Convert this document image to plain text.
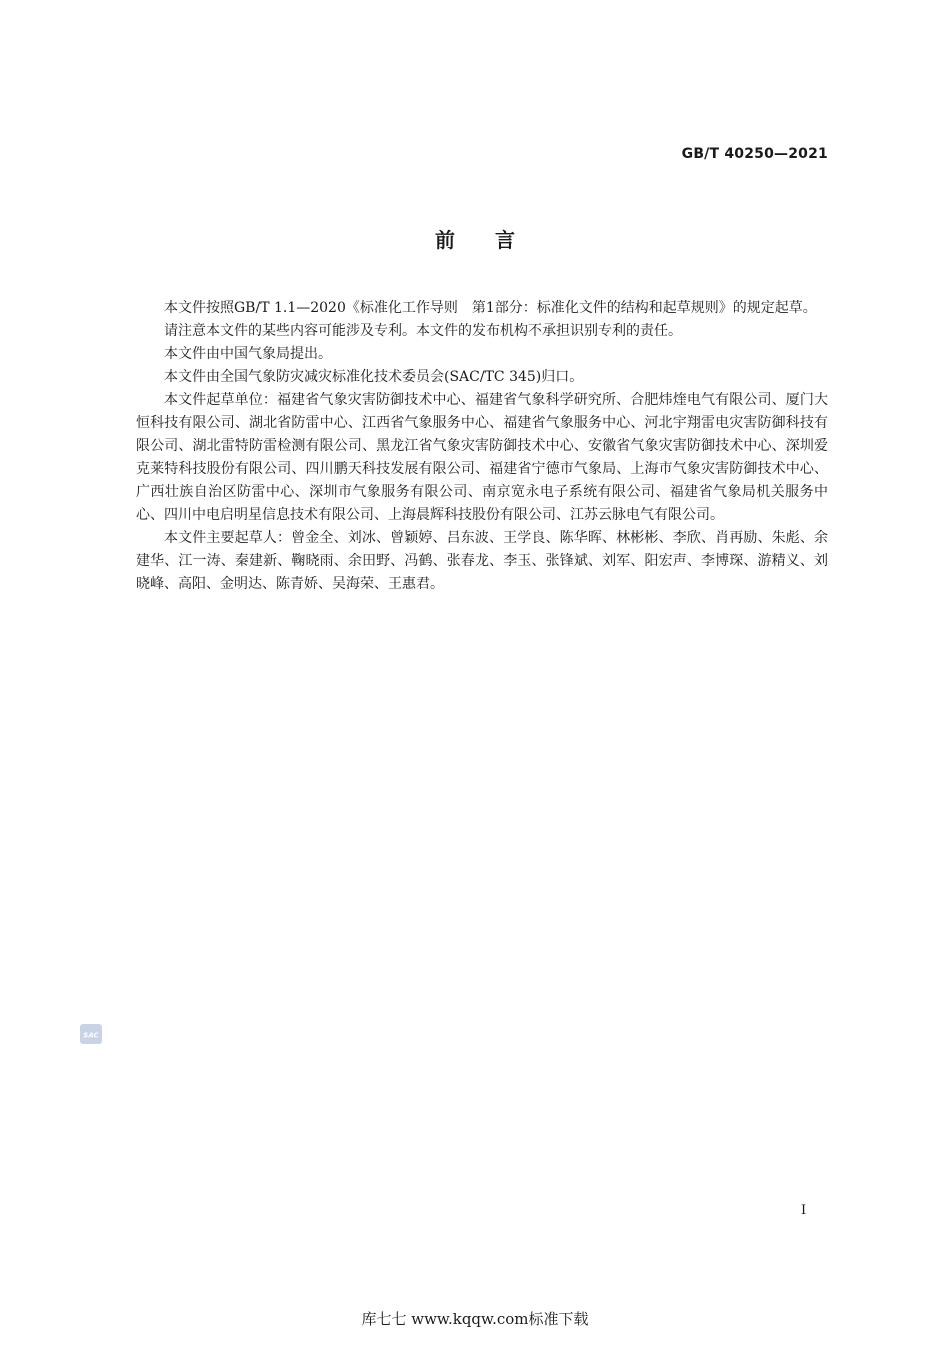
GB/T 40250—2021
前　　言

本文件按照GB/T 1.1—2020《标准化工作导则　第1部分：标准化文件的结构和起草规则》的规定起草。

请注意本文件的某些内容可能涉及专利。本文件的发布机构不承担识别专利的责任。

本文件由中国气象局提出。

本文件由全国气象防灾减灾标准化技术委员会(SAC/TC 345)归口。

本文件起草单位：福建省气象灾害防御技术中心、福建省气象科学研究所、合肥炜煃电气有限公司、厦门大恒科技有限公司、湖北省防雷中心、江西省气象服务中心、福建省气象服务中心、河北宇翔雷电灾害防御科技有限公司、湖北雷特防雷检测有限公司、黑龙江省气象灾害防御技术中心、安徽省气象灾害防御技术中心、深圳爱克莱特科技股份有限公司、四川鹏天科技发展有限公司、福建省宁德市气象局、上海市气象灾害防御技术中心、广西壮族自治区防雷中心、深圳市气象服务有限公司、南京宽永电子系统有限公司、福建省气象局机关服务中心、四川中电启明星信息技术有限公司、上海晨辉科技股份有限公司、江苏云脉电气有限公司。

本文件主要起草人：曾金全、刘冰、曾颖婷、吕东波、王学良、陈华晖、林彬彬、李欣、肖再励、朱彪、余建华、江一涛、秦建新、鞠晓雨、余田野、冯鹤、张春龙、李玉、张锋斌、刘军、阳宏声、李博琛、游精义、刘晓峰、高阳、金明达、陈青娇、吴海荣、王惠君。

SAC
I
库七七 www.kqqw.com标准下载
